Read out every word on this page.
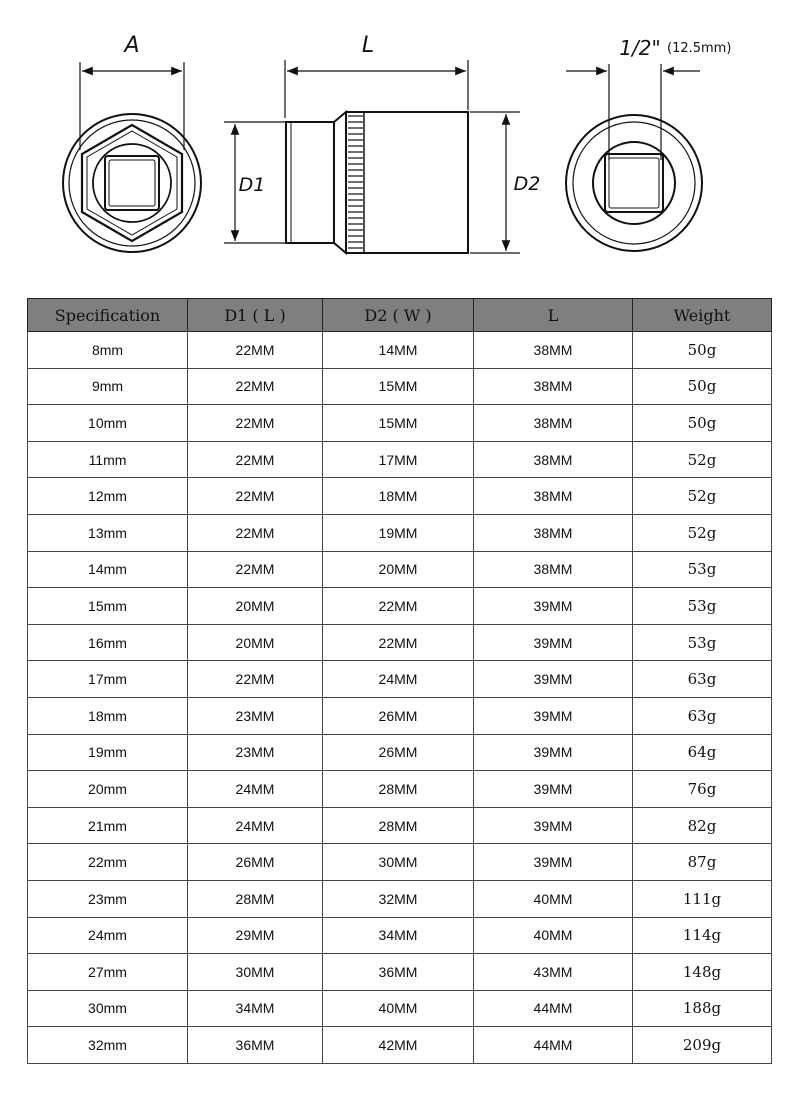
A	L
D1	D2
1/2" (12.5mm)
Specification	D1 ( L )	D2 ( W )	L	Weight
8mm	22MM	14MM	38MM	50g
9mm	22MM	15MM	38MM	50g
10mm	22MM	15MM	38MM	50g
11mm	22MM	17MM	38MM	52g
12mm	22MM	18MM	38MM	52g
13mm	22MM	19MM	38MM	52g
14mm	22MM	20MM	38MM	53g
15mm	20MM	22MM	39MM	53g
16mm	20MM	22MM	39MM	53g
17mm	22MM	24MM	39MM	63g
18mm	23MM	26MM	39MM	63g
19mm	23MM	26MM	39MM	64g
20mm	24MM	28MM	39MM	76g
21mm	24MM	28MM	39MM	82g
22mm	26MM	30MM	39MM	87g
23mm	28MM	32MM	40MM	111g
24mm	29MM	34MM	40MM	114g
27mm	30MM	36MM	43MM	148g
30mm	34MM	40MM	44MM	188g
32mm	36MM	42MM	44MM	209g
